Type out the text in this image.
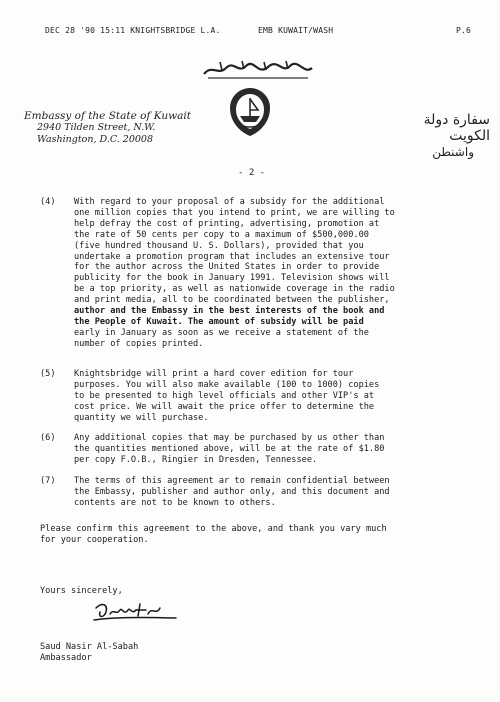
DEC 28 '90 15:11 KNIGHTSBRIDGE L.A.	EMB KUWAIT/WASH	P.6
Embassy of the State of Kuwait
2940 Tilden Street, N.W.
Washington, D.C. 20008
سفارة دولة الكويت
واشنطن
- 2 -
(4) With regard to your proposal of a subsidy for the additional
one million copies that you intend to print, we are willing to
help defray the cost of printing, advertising, promotion at
the rate of 50 cents per copy to a maximum of $500,000.00
(five hundred thousand U. S. Dollars), provided that you
undertake a promotion program that includes an extensive tour
for the author across the United States in order to provide
publicity for the book in January 1991. Television shows will
be a top priority, as well as nationwide coverage in the radio
and print media, all to be coordinated between the publisher,
author and the Embassy in the best interests of the book and
the People of Kuwait. The amount of subsidy will be paid
early in January as soon as we receive a statement of the
number of copies printed.
(5) Knightsbridge will print a hard cover edition for tour
purposes. You will also make available (100 to 1000) copies
to be presented to high level officials and other VIP's at
cost price. We will await the price offer to determine the
quantity we will purchase.
(6) Any additional copies that may be purchased by us other than
the quantities mentioned above, will be at the rate of $1.80
per copy F.O.B., Ringier in Dresden, Tennessee.
(7) The terms of this agreement ar to remain confidential between
the Embassy, publisher and author only, and this document and
contents are not to be known to others.
Please confirm this agreement to the above, and thank you vary much
for your cooperation.
Yours sincerely,
Saud Nasir Al-Sabah
Ambassador
